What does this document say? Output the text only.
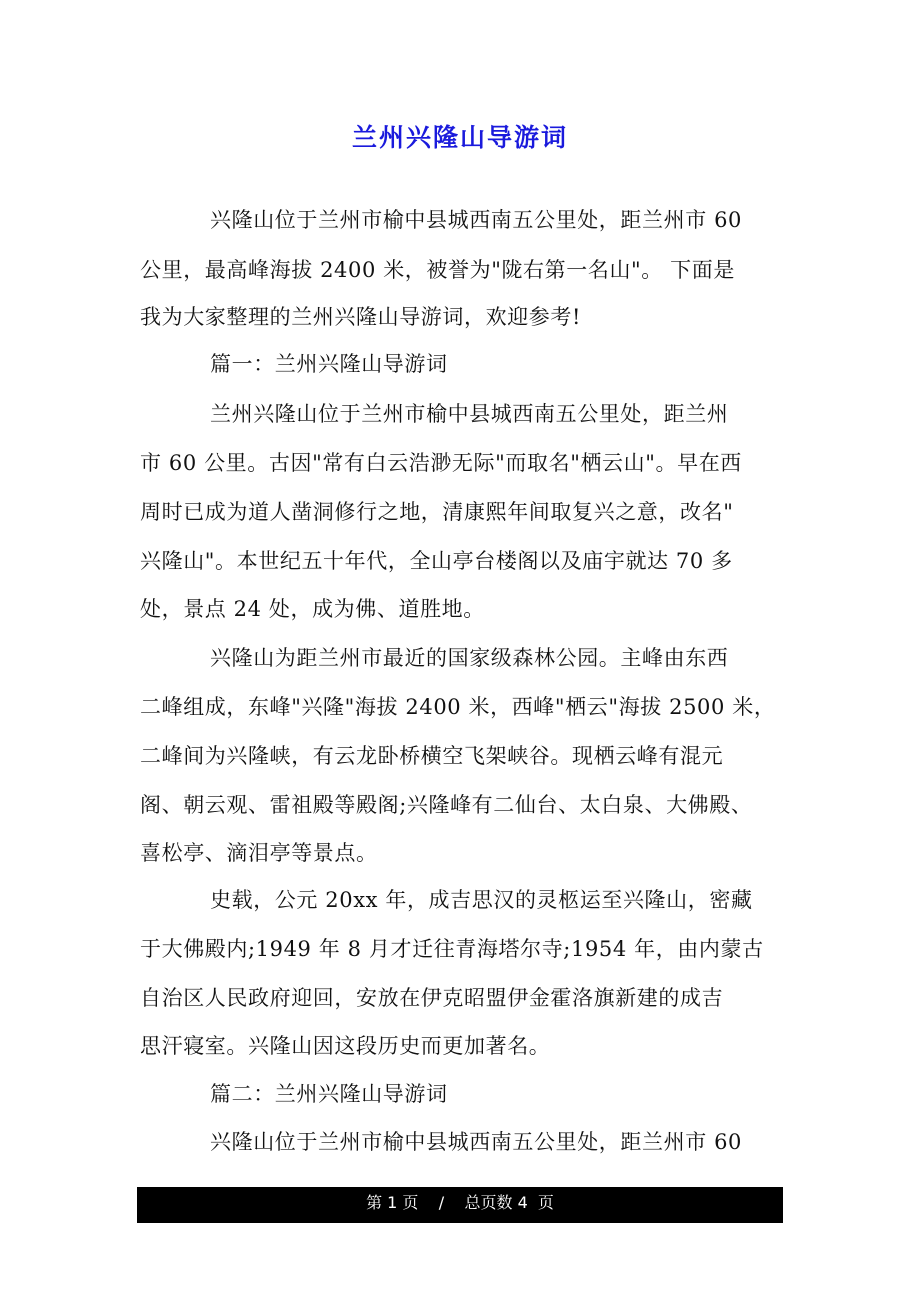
兰州兴隆山导游词
兴隆山位于兰州市榆中县城西南五公里处，距兰州市 60
公里，最高峰海拔 2400 米，被誉为"陇右第一名山"。 下面是
我为大家整理的兰州兴隆山导游词，欢迎参考!
篇一：兰州兴隆山导游词
兰州兴隆山位于兰州市榆中县城西南五公里处，距兰州
市 60 公里。古因"常有白云浩渺无际"而取名"栖云山"。早在西
周时已成为道人凿洞修行之地，清康熙年间取复兴之意，改名"
兴隆山"。本世纪五十年代，全山亭台楼阁以及庙宇就达 70 多
处，景点 24 处，成为佛、道胜地。
兴隆山为距兰州市最近的国家级森林公园。主峰由东西
二峰组成，东峰"兴隆"海拔 2400 米，西峰"栖云"海拔 2500 米，
二峰间为兴隆峡，有云龙卧桥横空飞架峡谷。现栖云峰有混元
阁、朝云观、雷祖殿等殿阁;兴隆峰有二仙台、太白泉、大佛殿、
喜松亭、滴泪亭等景点。
史载，公元 20xx 年，成吉思汉的灵柩运至兴隆山，密藏
于大佛殿内;1949 年 8 月才迁往青海塔尔寺;1954 年，由内蒙古
自治区人民政府迎回，安放在伊克昭盟伊金霍洛旗新建的成吉
思汗寝室。兴隆山因这段历史而更加著名。
篇二：兰州兴隆山导游词
兴隆山位于兰州市榆中县城西南五公里处，距兰州市 60
第 1 页    /    总页数 4  页
